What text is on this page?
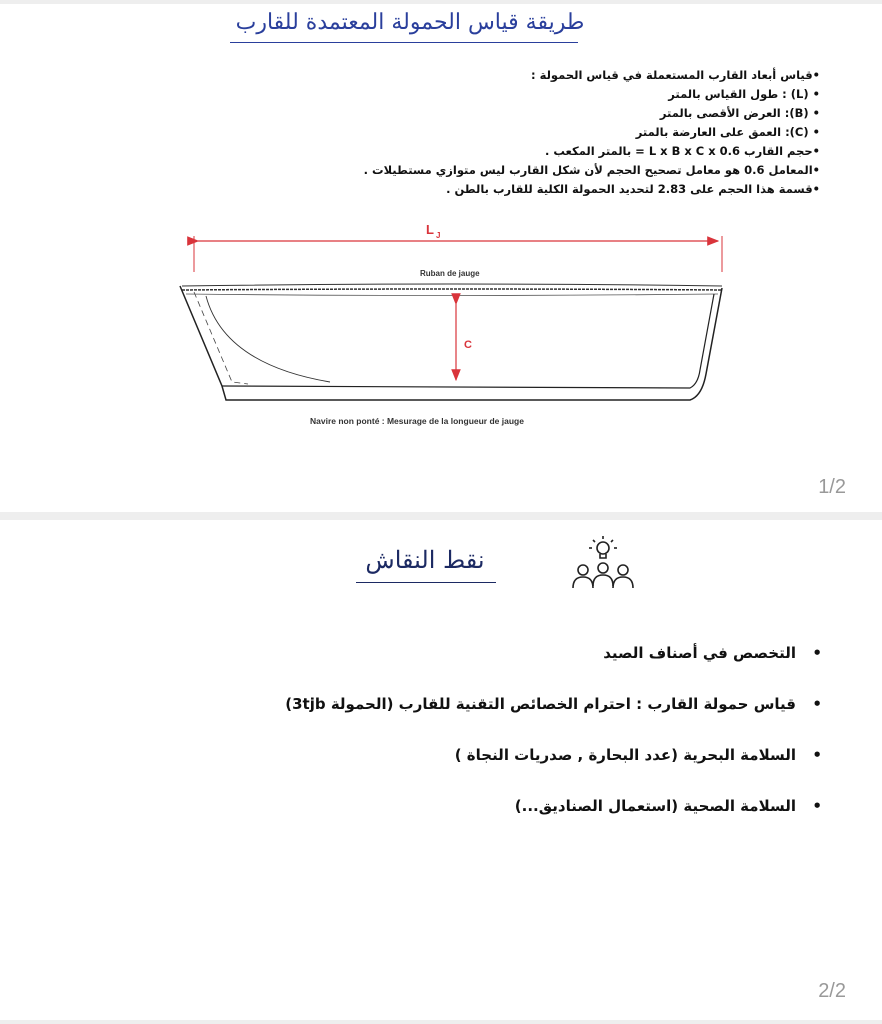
طريقة قياس الحمولة المعتمدة للقارب
•قياس أبعاد القارب المستعملة في قياس الحمولة :
• (L) : طول القياس بالمتر
• (B): العرض الأقصى بالمتر
• (C): العمق على العارضة بالمتر
•حجم القارب L x B x C x 0.6 = بالمتر المكعب .
•المعامل 0.6 هو معامل تصحيح الحجم لأن شكل القارب ليس متوازي مستطيلات .
•قسمة هذا الحجم على 2.83 لتحديد الحمولة الكلية للقارب بالطن .
L J
Ruban de jauge
C
Navire non ponté : Mesurage de la longueur de jauge
1/2
نقط النقاش
• التخصص في أصناف الصيد
• قياس حمولة القارب : احترام الخصائص التقنية للقارب (الحمولة 3tjb)
• السلامة البحرية (عدد البحارة , صدريات النجاة )
• السلامة الصحية (استعمال الصناديق...)
2/2
